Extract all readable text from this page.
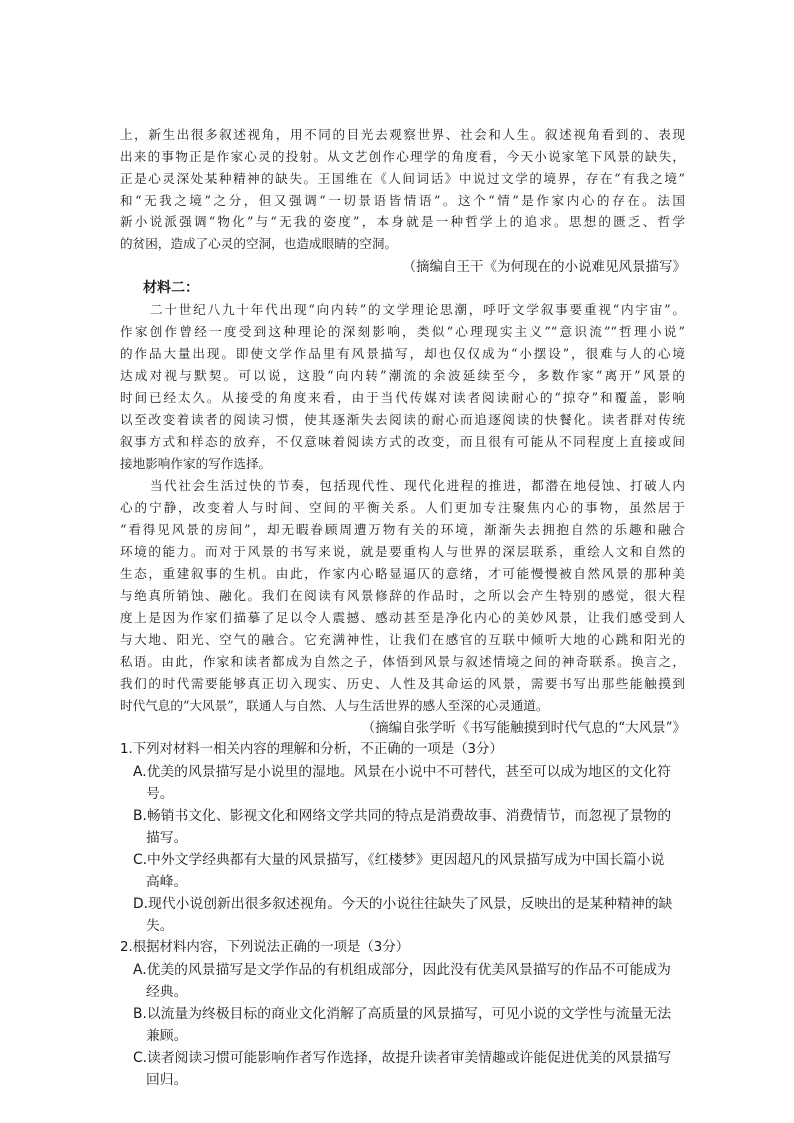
上，新生出很多叙述视角，用不同的目光去观察世界、社会和人生。叙述视角看到的、表现
出来的事物正是作家心灵的投射。从文艺创作心理学的角度看，今天小说家笔下风景的缺失，
正是心灵深处某种精神的缺失。王国维在《人间词话》中说过文学的境界，存在“有我之境”
和“无我之境”之分，但又强调“一切景语皆情语”。这个“情”是作家内心的存在。法国
新小说派强调“物化”与“无我的姿度”，本身就是一种哲学上的追求。思想的匮乏、哲学
的贫困，造成了心灵的空洞，也造成眼睛的空洞。
（摘编自王干《为何现在的小说难见风景描写》
材料二：
二十世纪八九十年代出现“向内转”的文学理论思潮，呼吁文学叙事要重视“内宇宙”。
作家创作曾经一度受到这种理论的深刻影响，类似“心理现实主义”“意识流”“哲理小说”
的作品大量出现。即使文学作品里有风景描写，却也仅仅成为“小摆设”，很难与人的心境
达成对视与默契。可以说，这股“向内转”潮流的余波延续至今，多数作家“离开”风景的
时间已经太久。从接受的角度来看，由于当代传媒对读者阅读耐心的“掠夺”和覆盖，影响
以至改变着读者的阅读习惯，使其逐渐失去阅读的耐心而追逐阅读的快餐化。读者群对传统
叙事方式和样态的放弃，不仅意味着阅读方式的改变，而且很有可能从不同程度上直接或间
接地影响作家的写作选择。
当代社会生活过快的节奏，包括现代性、现代化进程的推进，都潜在地侵蚀、打破人内
心的宁静，改变着人与时间、空间的平衡关系。人们更加专注聚焦内心的事物，虽然居于
“看得见风景的房间”，却无暇眷顾周遭万物有关的环境，渐渐失去拥抱自然的乐趣和融合
环境的能力。而对于风景的书写来说，就是要重构人与世界的深层联系，重绘人文和自然的
生态，重建叙事的生机。由此，作家内心略显逼仄的意绪，才可能慢慢被自然风景的那种美
与绝真所销蚀、融化。我们在阅读有风景修辞的作品时，之所以会产生特别的感觉，很大程
度上是因为作家们描摹了足以令人震撼、感动甚至是净化内心的美妙风景，让我们感受到人
与大地、阳光、空气的融合。它充满神性，让我们在感官的互联中倾听大地的心跳和阳光的
私语。由此，作家和读者都成为自然之子，体悟到风景与叙述情境之间的神奇联系。换言之，
我们的时代需要能够真正切入现实、历史、人性及其命运的风景，需要书写出那些能触摸到
时代气息的“大风景”，联通人与自然、人与生活世界的感人至深的心灵通道。
（摘编自张学昕《书写能触摸到时代气息的“大风景”》
1.下列对材料一相关内容的理解和分析，不正确的一项是（3分）
A.优美的风景描写是小说里的湿地。风景在小说中不可替代，甚至可以成为地区的文化符
号。
B.畅销书文化、影视文化和网络文学共同的特点是消费故事、消费情节，而忽视了景物的
描写。
C.中外文学经典都有大量的风景描写，《红楼梦》更因超凡的风景描写成为中国长篇小说
高峰。
D.现代小说创新出很多叙述视角。今天的小说往往缺失了风景，反映出的是某种精神的缺
失。
2.根据材料内容，下列说法正确的一项是（3分）
A.优美的风景描写是文学作品的有机组成部分，因此没有优美风景描写的作品不可能成为
经典。
B.以流量为终极目标的商业文化消解了高质量的风景描写，可见小说的文学性与流量无法
兼顾。
C.读者阅读习惯可能影响作者写作选择，故提升读者审美情趣或许能促进优美的风景描写
回归。
